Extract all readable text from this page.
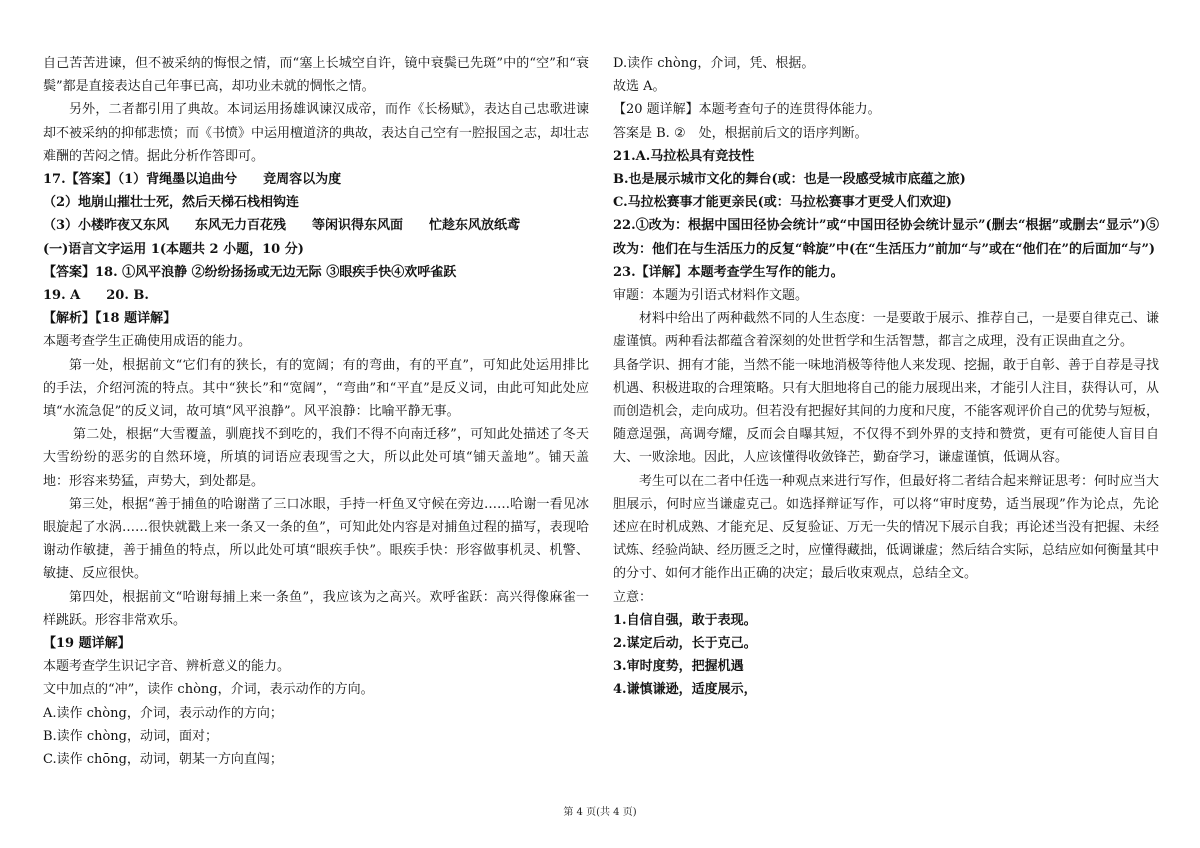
自己苦苦进谏，但不被采纳的悔恨之情，而“塞上长城空自许，镜中衰鬓已先斑”中的“空”和“衰鬓”都是直接表达自己年事已高，却功业未就的惆怅之情。

另外，二者都引用了典故。本词运用扬雄讽谏汉成帝，而作《长杨赋》，表达自己忠歌进谏却不被采纳的抑郁悲愤；而《书愤》中运用檀道济的典故，表达自己空有一腔报国之志，却壮志难酬的苦闷之情。据此分析作答即可。

17.【答案】（1）背绳墨以追曲兮　　竞周容以为度

（2）地崩山摧壮士死，然后天梯石栈相钩连

（3）小楼昨夜又东风　　东风无力百花残　　等闲识得东风面　　忙趁东风放纸鸢

(一)语言文字运用 1(本题共 2 小题，10 分)

【答案】18. ①风平浪静 ②纷纷扬扬或无边无际 ③眼疾手快④欢呼雀跃

19. A　　20. B.

【解析】【18 题详解】

本题考查学生正确使用成语的能力。

第一处，根据前文“它们有的狭长，有的宽阔；有的弯曲，有的平直”，可知此处运用排比的手法，介绍河流的特点。其中“狭长”和“宽阔”，“弯曲”和“平直”是反义词，由此可知此处应填“水流急促”的反义词，故可填“风平浪静”。风平浪静：比喻平静无事。

第二处，根据“大雪覆盖，驯鹿找不到吃的，我们不得不向南迁移”，可知此处描述了冬天大雪纷纷的恶劣的自然环境，所填的词语应表现雪之大，所以此处可填“铺天盖地”。铺天盖地：形容来势猛，声势大，到处都是。

第三处，根据“善于捕鱼的哈谢凿了三口冰眼，手持一杆鱼叉守候在旁边……哈谢一看见冰眼旋起了水涡……很快就戳上来一条又一条的鱼”，可知此处内容是对捕鱼过程的描写，表现哈谢动作敏捷，善于捕鱼的特点，所以此处可填“眼疾手快”。眼疾手快：形容做事机灵、机警、敏捷、反应很快。

第四处，根据前文“哈谢每捕上来一条鱼”，我应该为之高兴。欢呼雀跃：高兴得像麻雀一样跳跃。形容非常欢乐。

【19 题详解】

本题考查学生识记字音、辨析意义的能力。

文中加点的“冲”，读作 chòng，介词，表示动作的方向。

A.读作 chòng，介词，表示动作的方向；

B.读作 chòng，动词，面对；

C.读作 chōng，动词，朝某一方向直闯；

D.读作 chòng，介词，凭、根据。

故选 A。

【20 题详解】本题考查句子的连贯得体能力。

答案是 B. ②　处，根据前后文的语序判断。

21.A.马拉松具有竞技性

B.也是展示城市文化的舞台(或：也是一段感受城市底蕴之旅)

C.马拉松赛事才能更亲民(或：马拉松赛事才更受人们欢迎)

22.①改为：根据中国田径协会统计”或“中国田径协会统计显示”(删去“根据”或删去“显示”)⑤改为：他们在与生活压力的反复“斡旋”中(在“生活压力”前加“与”或在“他们在”的后面加“与”)

23.【详解】本题考查学生写作的能力。

审题：本题为引语式材料作文题。

材料中给出了两种截然不同的人生态度：一是要敢于展示、推荐自己，一是要自律克己、谦虚谨慎。两种看法都蕴含着深刻的处世哲学和生活智慧，都言之成理，没有正误曲直之分。

具备学识、拥有才能，当然不能一味地消极等待他人来发现、挖掘，敢于自彰、善于自荐是寻找机遇、积极进取的合理策略。只有大胆地将自己的能力展现出来，才能引人注目，获得认可，从而创造机会，走向成功。但若没有把握好其间的力度和尺度，不能客观评价自己的优势与短板，随意逞强，高调夸耀，反而会自曝其短，不仅得不到外界的支持和赞赏，更有可能使人盲目自大、一败涂地。因此，人应该懂得收敛锋芒，勤奋学习，谦虚谨慎，低调从容。

考生可以在二者中任选一种观点来进行写作，但最好将二者结合起来辩证思考：何时应当大胆展示，何时应当谦虚克己。如选择辩证写作，可以将“审时度势，适当展现”作为论点，先论述应在时机成熟、才能充足、反复验证、万无一失的情况下展示自我；再论述当没有把握、未经试炼、经验尚缺、经历匮乏之时，应懂得藏拙，低调谦虚；然后结合实际，总结应如何衡量其中的分寸、如何才能作出正确的决定；最后收束观点，总结全文。

立意：

1.自信自强，敢于表现。

2.谋定后动，长于克己。

3.审时度势，把握机遇

4.谦慎谦逊，适度展示，

第 4 页(共 4 页)
